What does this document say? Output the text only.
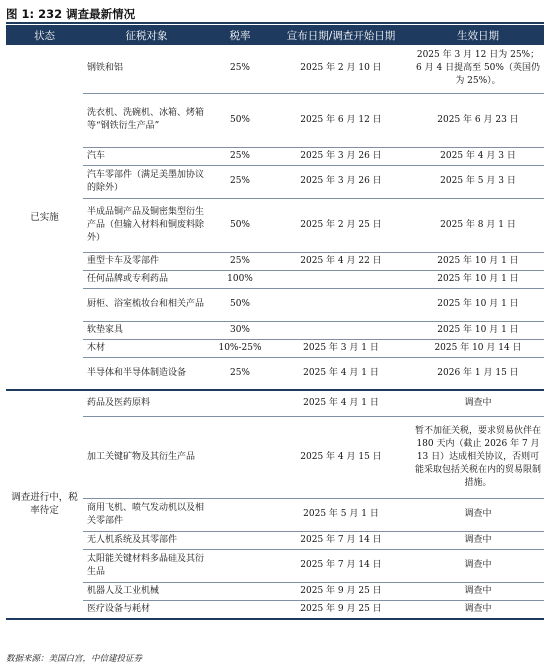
图 1: 232 调查最新情况
状态	征税对象	税率	宣布日期/调查开始日期	生效日期
已实施	钢铁和铝	25%	2025 年 2 月 10 日	2025 年 3 月 12 日为 25%；6 月 4 日提高至 50%（英国仍为 25%）。
	洗衣机、洗碗机、冰箱、烤箱等“钢铁衍生产品”	50%	2025 年 6 月 12 日	2025 年 6 月 23 日
	汽车	25%	2025 年 3 月 26 日	2025 年 4 月 3 日
	汽车零部件（满足美墨加协议的除外）	25%	2025 年 3 月 26 日	2025 年 5 月 3 日
	半成品铜产品及铜密集型衍生产品（但输入材料和铜废料除外）	50%	2025 年 2 月 25 日	2025 年 8 月 1 日
	重型卡车及零部件	25%	2025 年 4 月 22 日	2025 年 10 月 1 日
	任何品牌或专利药品	100%		2025 年 10 月 1 日
	厨柜、浴室梳妆台和相关产品	50%		2025 年 10 月 1 日
	软垫家具	30%		2025 年 10 月 1 日
	木材	10%-25%	2025 年 3 月 1 日	2025 年 10 月 14 日
	半导体和半导体制造设备	25%	2025 年 4 月 1 日	2026 年 1 月 15 日
调查进行中，税率待定	药品及医药原料		2025 年 4 月 1 日	调查中
	加工关键矿物及其衍生产品		2025 年 4 月 15 日	暂不加征关税，要求贸易伙伴在 180 天内（截止 2026 年 7 月 13 日）达成相关协议，否则可能采取包括关税在内的贸易限制措施。
	商用飞机、喷气发动机以及相关零部件		2025 年 5 月 1 日	调查中
	无人机系统及其零部件		2025 年 7 月 14 日	调查中
	太阳能关键材料多晶硅及其衍生品		2025 年 7 月 14 日	调查中
	机器人及工业机械		2025 年 9 月 25 日	调查中
	医疗设备与耗材		2025 年 9 月 25 日	调查中
数据来源：美国白宫，中信建投证券
